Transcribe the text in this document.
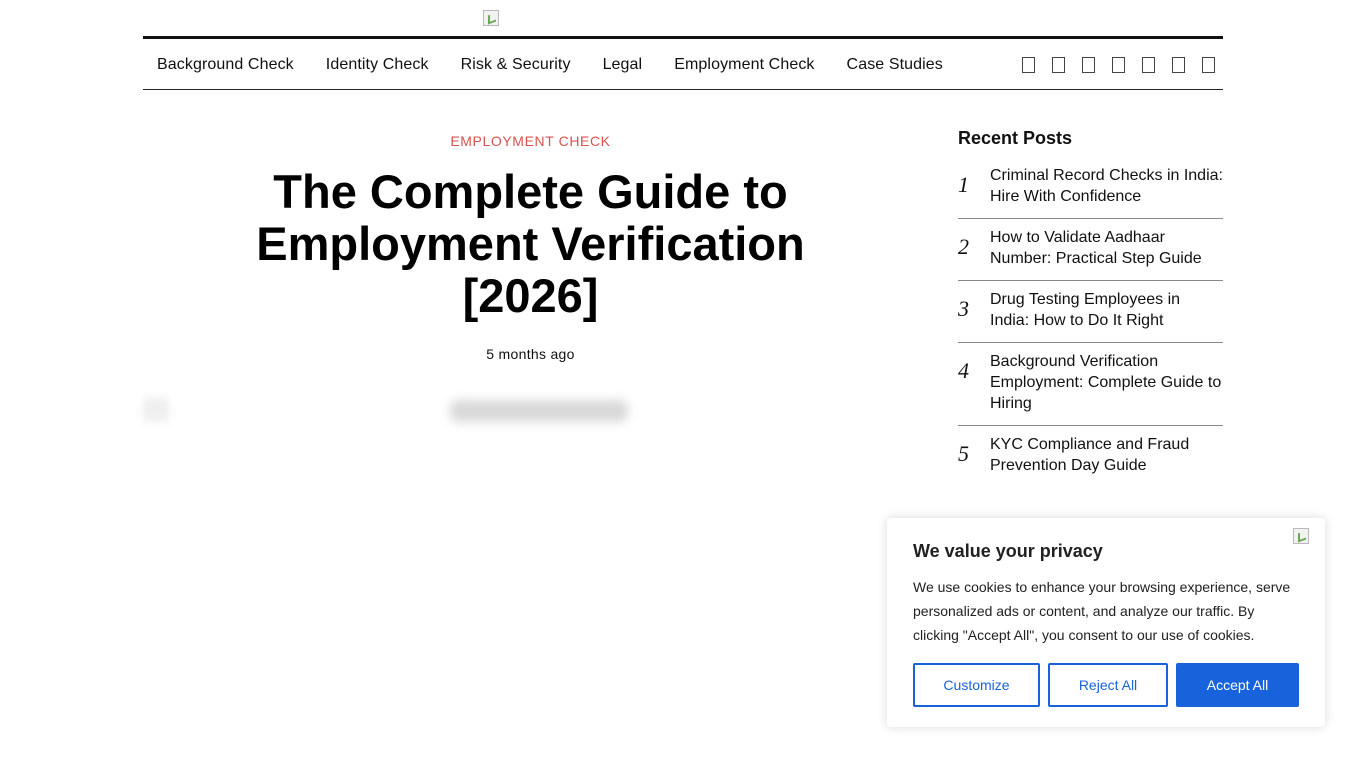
Background Check Identity Check Risk & Security Legal Employment Check Case Studies
EMPLOYMENT CHECK
The Complete Guide to Employment Verification [2026]
5 months ago
Recent Posts
1	Criminal Record Checks in India: Hire With Confidence
2	How to Validate Aadhaar Number: Practical Step Guide
3	Drug Testing Employees in India: How to Do It Right
4	Background Verification Employment: Complete Guide to Hiring
5	KYC Compliance and Fraud Prevention Day Guide
We value your privacy
We use cookies to enhance your browsing experience, serve personalized ads or content, and analyze our traffic. By clicking "Accept All", you consent to our use of cookies.
Customize	Reject All	Accept All
